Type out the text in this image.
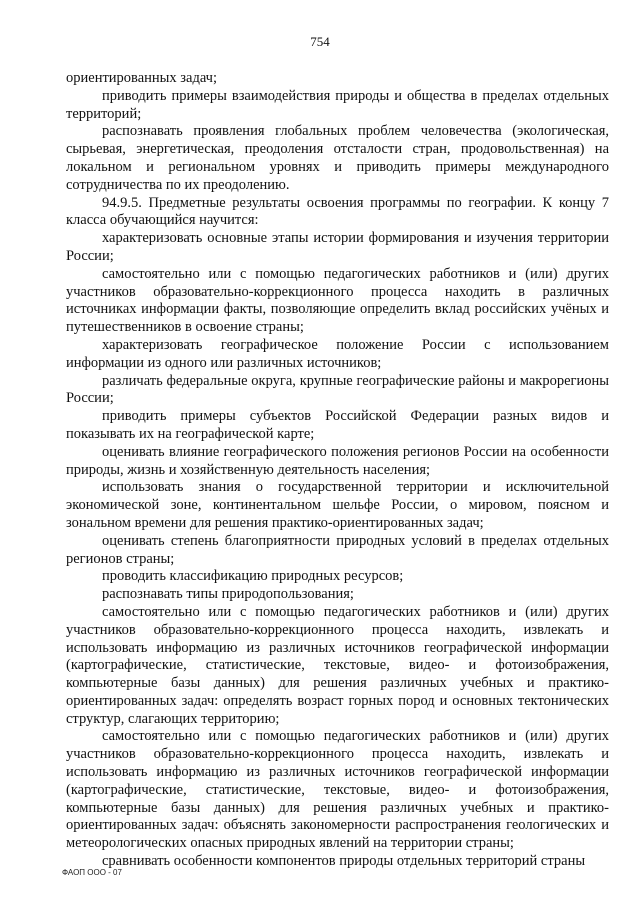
754

ориентированных задач;

приводить примеры взаимодействия природы и общества в пределах отдельных территорий;

распознавать проявления глобальных проблем человечества (экологическая, сырьевая, энергетическая, преодоления отсталости стран, продовольственная) на локальном и региональном уровнях и приводить примеры международного сотрудничества по их преодолению.

94.9.5. Предметные результаты освоения программы по географии. К концу 7 класса обучающийся научится:

характеризовать основные этапы истории формирования и изучения территории России;

самостоятельно или с помощью педагогических работников и (или) других участников образовательно-коррекционного процесса находить в различных источниках информации факты, позволяющие определить вклад российских учёных и путешественников в освоение страны;

характеризовать географическое положение России с использованием информации из одного или различных источников;

различать федеральные округа, крупные географические районы и макрорегионы России;

приводить примеры субъектов Российской Федерации разных видов и показывать их на географической карте;

оценивать влияние географического положения регионов России на особенности природы, жизнь и хозяйственную деятельность населения;

использовать знания о государственной территории и исключительной экономической зоне, континентальном шельфе России, о мировом, поясном и зональном времени для решения практико-ориентированных задач;

оценивать степень благоприятности природных условий в пределах отдельных регионов страны;

проводить классификацию природных ресурсов;

распознавать типы природопользования;

самостоятельно или с помощью педагогических работников и (или) других участников образовательно-коррекционного процесса находить, извлекать и использовать информацию из различных источников географической информации (картографические, статистические, текстовые, видео- и фотоизображения, компьютерные базы данных) для решения различных учебных и практико-ориентированных задач: определять возраст горных пород и основных тектонических структур, слагающих территорию;

самостоятельно или с помощью педагогических работников и (или) других участников образовательно-коррекционного процесса находить, извлекать и использовать информацию из различных источников географической информации (картографические, статистические, текстовые, видео- и фотоизображения, компьютерные базы данных) для решения различных учебных и практико-ориентированных задач: объяснять закономерности распространения геологических и метеорологических опасных природных явлений на территории страны;

сравнивать особенности компонентов природы отдельных территорий страны

ФАОП ООО - 07
